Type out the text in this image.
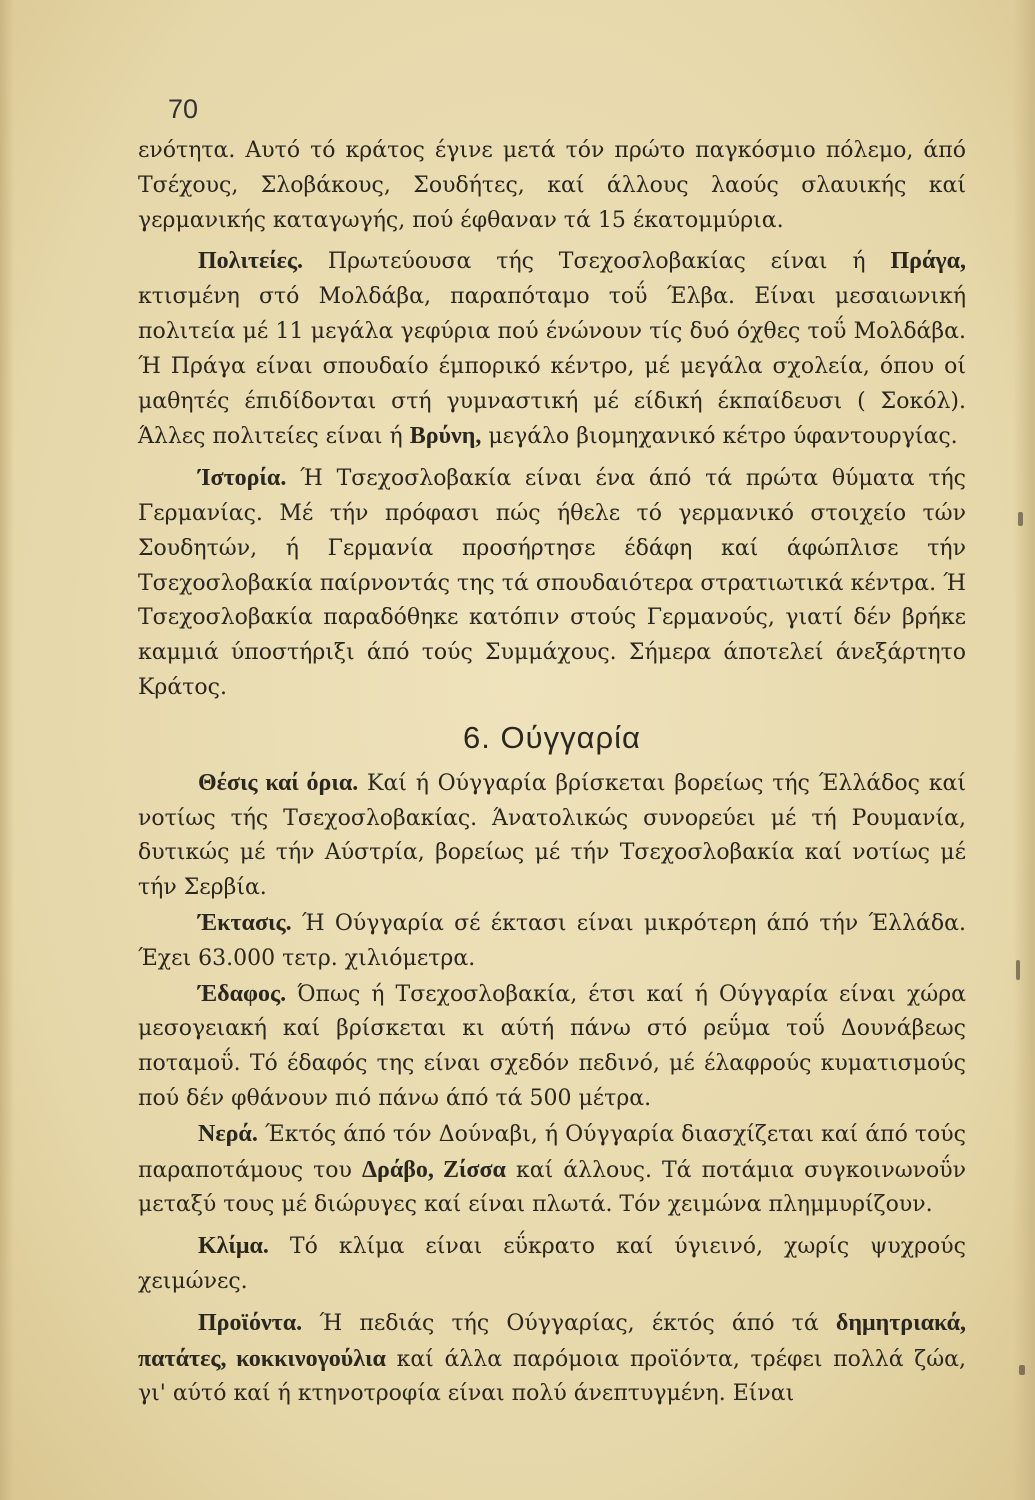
70

ενότητα. Αυτό τό κράτος έγινε μετά τόν πρώτο παγκόσμιο πόλεμο, άπό Τσέχους, Σλοβάκους, Σουδήτες, καί άλλους λαούς σλαυικής καί γερμανικής καταγωγής, πού έφθαναν τά 15 έκατομμύρια.

Πολιτείες. Πρωτεύουσα τής Τσεχοσλοβακίας είναι ή Πράγα, κτισμένη στό Μολδάβα, παραπόταμο τοΰ Έλβα. Είναι μεσαιωνική πολιτεία μέ 11 μεγάλα γεφύρια πού ένώνουν τίς δυό όχθες τοΰ Μολδάβα. Ή Πράγα είναι σπουδαίο έμπορικό κέντρο, μέ μεγάλα σχολεία, όπου οί μαθητές έπιδίδονται στή γυμναστική μέ είδική έκπαίδευσι ( Σοκόλ). Άλλες πολιτείες είναι ή Βρύνη, μεγάλο βιομηχανικό κέτρο ύφαντουργίας.

Ίστορία. Ή Τσεχοσλοβακία είναι ένα άπό τά πρώτα θύματα τής Γερμανίας. Μέ τήν πρόφασι πώς ήθελε τό γερμανικό στοιχείο τών Σουδητών, ή Γερμανία προσήρτησε έδάφη καί άφώπλισε τήν Τσεχοσλοβακία παίρνοντάς της τά σπουδαιότερα στρατιωτικά κέντρα. Ή Τσεχοσλοβακία παραδόθηκε κατόπιν στούς Γερμανούς, γιατί δέν βρήκε καμμιά ύποστήριξι άπό τούς Συμμάχους. Σήμερα άποτελεί άνεξάρτητο Κράτος.

6. Ούγγαρία

Θέσις καί όρια. Καί ή Ούγγαρία βρίσκεται βορείως τής Έλλάδος καί νοτίως τής Τσεχοσλοβακίας. Άνατολικώς συνορεύει μέ τή Ρουμανία, δυτικώς μέ τήν Αύστρία, βορείως μέ τήν Τσεχοσλοβακία καί νοτίως μέ τήν Σερβία.

Έκτασις. Ή Ούγγαρία σέ έκτασι είναι μικρότερη άπό τήν Έλλάδα. Έχει 63.000 τετρ. χιλιόμετρα.

Έδαφος. Όπως ή Τσεχοσλοβακία, έτσι καί ή Ούγγαρία είναι χώρα μεσογειακή καί βρίσκεται κι αύτή πάνω στό ρεΰμα τοΰ Δουνάβεως ποταμοΰ. Τό έδαφός της είναι σχεδόν πεδινό, μέ έλαφρούς κυματισμούς πού δέν φθάνουν πιό πάνω άπό τά 500 μέτρα.

Νερά. Έκτός άπό τόν Δούναβι, ή Ούγγαρία διασχίζεται καί άπό τούς παραποτάμους του Δράβο, Ζίσσα καί άλλους. Τά ποτάμια συγκοινωνοΰν μεταξύ τους μέ διώρυγες καί είναι πλωτά. Τόν χειμώνα πλημμυρίζουν.

Κλίμα. Τό κλίμα είναι εΰκρατο καί ύγιεινό, χωρίς ψυχρούς χειμώνες.

Προϊόντα. Ή πεδιάς τής Ούγγαρίας, έκτός άπό τά δημητριακά, πατάτες, κοκκινογούλια καί άλλα παρόμοια προϊόντα, τρέφει πολλά ζώα, γι' αύτό καί ή κτηνοτροφία είναι πολύ άνεπτυγμένη. Είναι
